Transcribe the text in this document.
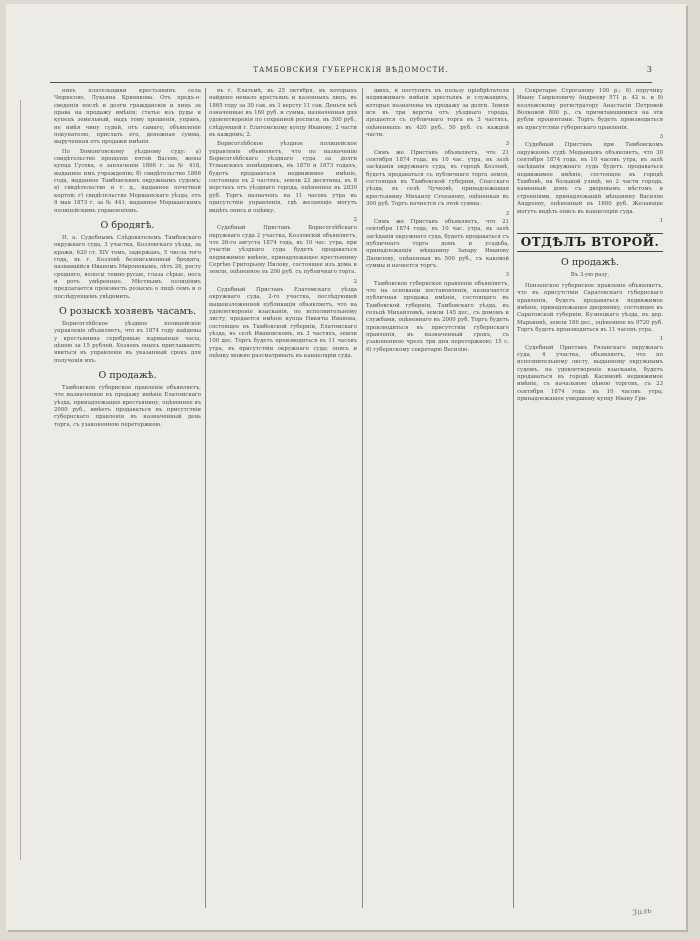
ТАМБОВСКИЯ ГУБЕРНСКІЯ ВѢДОМОСТИ.	3

нихъ плательщики крестьянинъ села Чюрюсово, Лукьяна Кривякова. Отъ предъ-о-сведенія послѣ и долги гражданскія и лицъ за права на продажу имѣнія; статье изъ руды и купецъ земельный, надъ тому прошенія, управъ, не имѣя чину судей, отъ самаго, объявленіе покупателю, прислать его, денежная сумма, вырученная отъ продажи имѣнія.

По Бомонговскому уѣздному суду: а) свидѣтельство прощеніе пятой Васеве, жены купца Гусева, о заплаченіи 1866 г. за № 418, выданное имъ учрежденію; б) свидѣтельство 1866 года, выданное Тамбовскимъ окружнымъ судомъ; в) свидѣтельство и т. д., выданное почетной кортой; г) свидѣтельство Моршанскаго уѣзда, отъ 9 мая 1873 г. за № 441, выданное Моршанскимъ полицейскимъ управленіемъ.

О бродягѣ.

Н. а. Судебнымъ Слѣдователемъ Тамбовскаго окружнаго суда, 3 участка, Козловскаго уѣзда, за кражи, 620 ст. XIV томъ, задержанъ, 5 числа того года, въ г. Козловѣ безписьменный бродяга, назвавшійся Иваномъ Мироновымъ, лѣтъ 26, росту средняго, волосы темно-русые, глаза сѣрые, носъ и ротъ умѣренные. Мѣстнымъ полиціямъ предлагается произвесть розыскъ о лицѣ семъ и о послѣдующемъ увѣдомить.

О розыскѣ хозяевъ часамъ.

Борисоглѣбское уѣздное полицейское управленіе объявляетъ, что въ 1874 году найдены у крестьянина серебряные карманные часы, цѣною за 15 рублей. Хозяевъ оныхъ приглашаютъ явиться въ управленіе въ указанный срокъ для полученія ихъ.

О продажѣ.

Тамбовское губернское правленіе объявляетъ, что назначенное въ продажу имѣніе Елатомскаго уѣзда, принадлежащее крестьянину, оцѣненное въ 2000 руб., имѣетъ продаваться въ присутствіи губернскаго правленія въ назначенный день торга, съ узаконенною переторжкою.

въ г. Елатьмѣ, въ 25 октября, въ которыхъ найдено немало крестьянъ и казенныхъ лицъ, въ 1865 году за 30 сак. въ 1 версту 11 сак. Деньги всѣ означенные въ 160 руб. и сумма, назначенная для удовлетворенія по сохранной росписи, въ 300 руб., слѣдующей г. Елатомскому купцу Иванову, 2 части въ каждомъ; 2.

Борисоглѣбское уѣздное полицейское управленіе объявляетъ, что по назначенію Борисоглѣбскаго уѣзднаго суда за долги Усманскихъ помѣщиковъ, въ 1870 и 1873 годахъ, будетъ продаваться недвижимое имѣніе, состоящее въ 2 частяхъ, земли 22 десятины, въ 8 верстахъ отъ уѣзднаго города, оцѣненное въ 2830 руб. Торгъ назначенъ на 11 часовъ утра въ присутствіи управленія, гдѣ желающіе могутъ видѣть опись и оцѣнку.

2

Судебный Приставъ Борисоглѣбскаго окружнаго суда 2 участка, Козловскій объявляетъ, что 26-го августа 1874 года, въ 10 час. утра, при участіи уѣзднаго суда будетъ продаваться недвижимое имѣніе, принадлежащее крестьянину Сергѣю Григорьеву Нилову, состоящее изъ дома и земли, оцѣненное въ 200 руб. съ публичнаго торга.

2

Судебный Приставъ Елатомскаго уѣзда окружнаго суда, 2-го участка, послѣдующей вышеизложенной публикаціи объявляетъ, что на удовлетвореніе взысканія, по исполнительному листу, продается имѣніе купца Никиты Иванова, состоящее въ Тамбовской губерніи, Елатомскаго уѣзда, въ селѣ Ивановскомъ, въ 3 частяхъ, земли 100 дес. Торгъ будетъ производиться въ 11 часовъ утра, въ присутствіи окружнаго суда; опись и оцѣнку можно разсматривать въ канцеляріи суда.

шихъ, и поступитъ въ пользу пріобрѣтателя недвижимаго имѣнія крестьянъ и служащихъ, которые назначены въ продажу за долги. Земля вся въ три версты отъ уѣзднаго города, продается съ публичнаго торга въ 3 частяхъ, оцѣненныхъ въ 420 руб., 50 руб. съ каждой части.

3

Симъ же Приставъ объявляетъ, что 21 сентября 1874 года, въ 10 час. утра, въ залѣ засѣданія окружнаго суда, въ городѣ Козловѣ, будетъ продаваться съ публичнаго торга земля, состоящая въ Тамбовской губерніи, Спасскаго уѣзда, въ селѣ Чучковѣ, принадлежащая крестьянину Михаилу Степанову, оцѣненная въ 300 руб. Торгъ начнется съ этой суммы.

3

Симъ же Приставъ объявляетъ, что 21 сентября 1874 года, въ 10 час. утра, въ залѣ засѣданія окружнаго суда, будетъ продаваться съ публичнаго торга домъ и усадьба, принадлежащія мѣщанину Захару Иванову Данилову, оцѣненныя въ 500 руб., съ каковой суммы и начнется торгъ.

3

Тамбовское губернское правленіе объявляетъ, что на основаніи постановленія, назначается публичная продажа имѣнія, состоящаго въ Тамбовской губерніи, Тамбовскаго уѣзда, въ сельцѣ Михайловкѣ, земли 145 дес., съ домомъ и службами, оцѣненнаго въ 2000 руб. Торгъ будетъ производиться въ присутствіи губернскаго правленія, въ назначенный срокъ, съ узаконенною чрезъ три дня переторжкою; 15 с. 6) губернскому секретарю Василію.

Секретарю Строганову 100 р.; 8) поручику Ивану Гавриловичу Андрееву 571 р. 42 к. и 9) коллежскому регистратору Анастасіи Петровой Волковой 800 р., съ причитающимися на эти рубли процентами. Торгъ будетъ производиться въ присутствіи губернскаго правленія.

3

Судебный Приставъ при Тамбовскомъ окружномъ судѣ Медынцевъ объявляетъ, что 30 сентября 1874 года, въ 10 часовъ утра, въ залѣ засѣданія окружнаго суда будетъ продаваться недвижимое имѣніе, состоящее въ городѣ Тамбовѣ, на большой улицѣ, во 2 части города, каменный домъ съ дворовымъ мѣстомъ и строеніями, принадлежащій мѣщанину Василію Андрееву, оцѣненный въ 1600 руб. Желающіе могутъ видѣть опись въ канцеляріи суда.

1
ОТДѢЛЪ ВТОРОЙ.
О продажѣ.

Въ 3-ую разу.

Пензенское губернское правленіе объявляетъ, что въ присутствіи Саратовскаго губернскаго правленія, будетъ продаваться недвижимое имѣніе, принадлежащее дворянину, состоящее въ Саратовской губерніи, Кузнецкаго уѣзда, въ дер. Марьинкѣ, земли 186 дес., оцѣненное въ 9720 руб. Торгъ будетъ производиться въ 11 часовъ утра.

1

Судебный Приставъ Рязанскаго окружнаго суда, 4 участка, объявляетъ, что по исполнительному листу, выданному окружнымъ судомъ, на удовлетвореніе взысканія, будетъ продаваться въ городѣ Касимовѣ недвижимое имѣніе, съ начальною цѣною торговъ, съ 23 сентября 1874 года въ 10 часовъ утра; принадлежащее умершему купцу Ивану Гри-

Зиль
